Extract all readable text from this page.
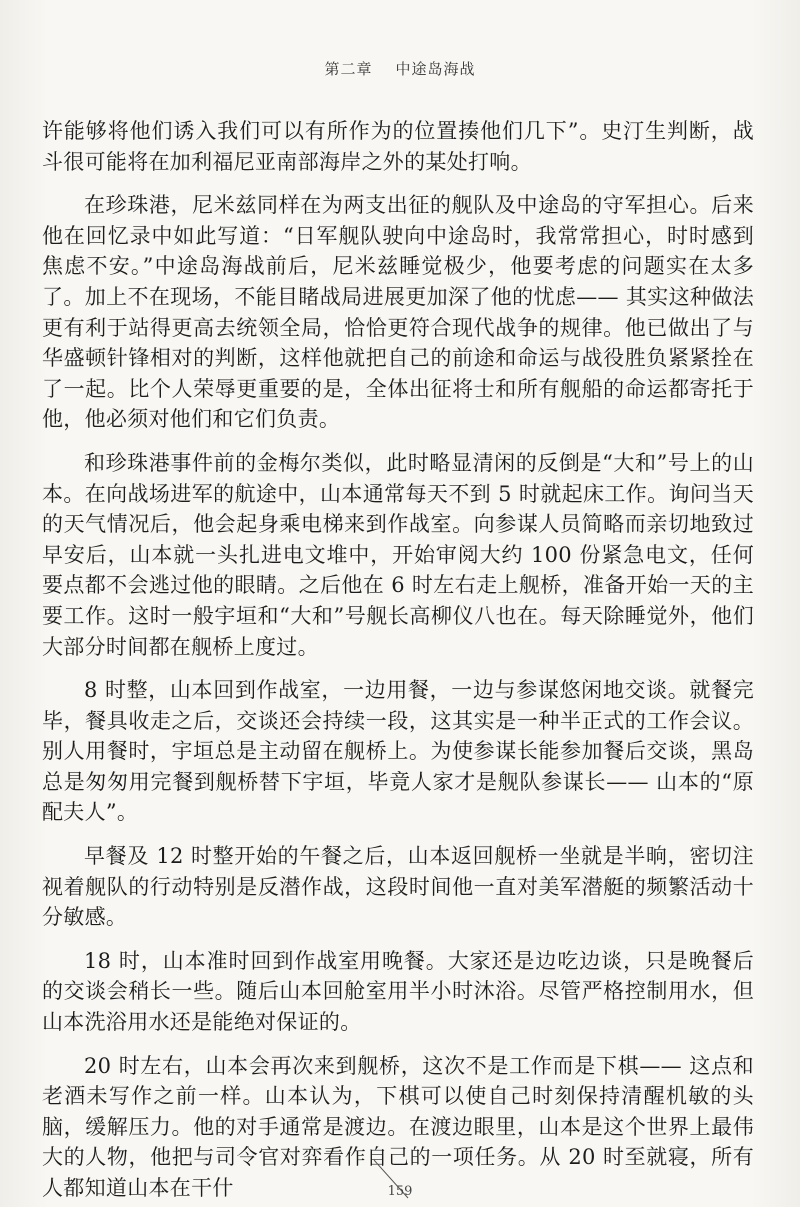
第二章 中途岛海战

许能够将他们诱入我们可以有所作为的位置揍他们几下”。史汀生判断，战斗很可能将在加利福尼亚南部海岸之外的某处打响。

在珍珠港，尼米兹同样在为两支出征的舰队及中途岛的守军担心。后来他在回忆录中如此写道：“日军舰队驶向中途岛时，我常常担心，时时感到焦虑不安。”中途岛海战前后，尼米兹睡觉极少，他要考虑的问题实在太多了。加上不在现场，不能目睹战局进展更加深了他的忧虑—— 其实这种做法更有利于站得更高去统领全局，恰恰更符合现代战争的规律。他已做出了与华盛顿针锋相对的判断，这样他就把自己的前途和命运与战役胜负紧紧拴在了一起。比个人荣辱更重要的是，全体出征将士和所有舰船的命运都寄托于他，他必须对他们和它们负责。

和珍珠港事件前的金梅尔类似，此时略显清闲的反倒是“大和”号上的山本。在向战场进军的航途中，山本通常每天不到 5 时就起床工作。询问当天的天气情况后，他会起身乘电梯来到作战室。向参谋人员简略而亲切地致过早安后，山本就一头扎进电文堆中，开始审阅大约 100 份紧急电文，任何要点都不会逃过他的眼睛。之后他在 6 时左右走上舰桥，准备开始一天的主要工作。这时一般宇垣和“大和”号舰长高柳仪八也在。每天除睡觉外，他们大部分时间都在舰桥上度过。

8 时整，山本回到作战室，一边用餐，一边与参谋悠闲地交谈。就餐完毕，餐具收走之后，交谈还会持续一段，这其实是一种半正式的工作会议。别人用餐时，宇垣总是主动留在舰桥上。为使参谋长能参加餐后交谈，黑岛总是匆匆用完餐到舰桥替下宇垣，毕竟人家才是舰队参谋长—— 山本的“原配夫人”。

早餐及 12 时整开始的午餐之后，山本返回舰桥一坐就是半晌，密切注视着舰队的行动特别是反潜作战，这段时间他一直对美军潜艇的频繁活动十分敏感。

18 时，山本准时回到作战室用晚餐。大家还是边吃边谈，只是晚餐后的交谈会稍长一些。随后山本回舱室用半小时沐浴。尽管严格控制用水，但山本洗浴用水还是能绝对保证的。

20 时左右，山本会再次来到舰桥，这次不是工作而是下棋—— 这点和老酒未写作之前一样。山本认为，下棋可以使自己时刻保持清醒机敏的头脑，缓解压力。他的对手通常是渡边。在渡边眼里，山本是这个世界上最伟大的人物，他把与司令官对弈看作自己的一项任务。从 20 时至就寝，所有人都知道山本在干什	159
